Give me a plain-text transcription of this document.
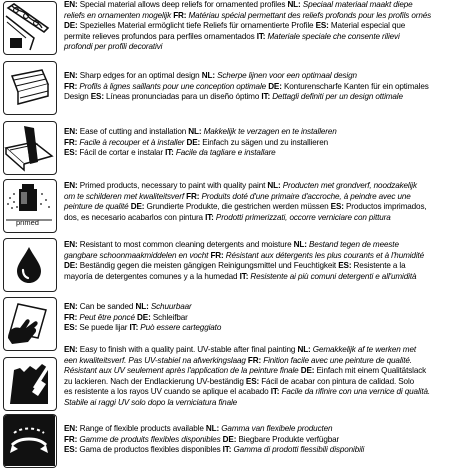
EN: Special material allows deep reliefs for ornamented profiles NL: Speciaal materiaal maakt diepe
reliefs en ornamenten mogelijk FR: Matériau spécial permettant des reliefs profonds pour les profils ornés
DE: Spezielles Material ermöglicht tiefe Reliefs für ornamentierte Profile ES: Material especial que
permite relieves profundos para perfiles ornamentados IT: Materiale speciale che consente rilievi
profondi per profili decorativi
EN: Sharp edges for an optimal design NL: Scherpe lijnen voor een optimaal design
FR: Profils à lignes saillants pour une conception optimale DE: Konturenscharfe Kanten für ein optimales
Design ES: Líneas pronunciadas para un diseño óptimo IT: Dettagli definiti per un design ottimale
EN: Ease of cutting and installation NL: Makkelijk te verzagen en te installeren
FR: Facile à recouper et à installer DE: Einfach zu sägen und zu installieren
ES: Fácil de cortar e instalar IT: Facile da tagliare e installare
primed
EN: Primed products, necessary to paint with quality paint NL: Producten met grondverf, noodzakelijk
om te schilderen met kwaliteitsverf FR: Produits doté d'une primaire d'accroche, à peindre avec une
peinture de qualité DE: Grundierte Produkte, die gestrichen werden müssen ES: Productos imprimados,
dos, es necesario acabarlos con pintura IT: Prodotti primerizzati, occorre verniciare con pittura
EN: Resistant to most common cleaning detergents and moisture NL: Bestand tegen de meeste
gangbare schoonmaakmiddelen en vocht FR: Résistant aux détergents les plus courants et à l'humidité
DE: Beständig gegen die meisten gängigen Reinigungsmittel und Feuchtigkeit ES: Resistente a la
mayoría de detergentes comunes y a la humedad IT: Resistente ai più comuni detergenti e all'umidità
EN: Can be sanded NL: Schuurbaar
FR: Peut être poncé DE: Schleifbar
ES: Se puede lijar IT: Può essere carteggiato
EN: Easy to finish with a quality paint. UV-stable after final painting NL: Gemakkelijk af te werken met
een kwaliteitsverf. Pas UV-stabiel na afwerkingslaag FR: Finition facile avec une peinture de qualité.
Résistant aux UV seulement après l'application de la peinture finale DE: Einfach mit einem Qualitätslack
zu lackieren. Nach der Endlackierung UV-beständig ES: Fácil de acabar con pintura de calidad. Solo
es resistente a los rayos UV cuando se aplique el acabado IT: Facile da rifinire con una vernice di qualità.
Stabile ai raggi UV solo dopo la verniciatura finale
EN: Range of flexible products available NL: Gamma van flexibele producten
FR: Gamme de produits flexibles disponibles DE: Biegbare Produkte verfügbar
ES: Gama de productos flexibles disponibles IT: Gamma di prodotti flessibili disponibili
